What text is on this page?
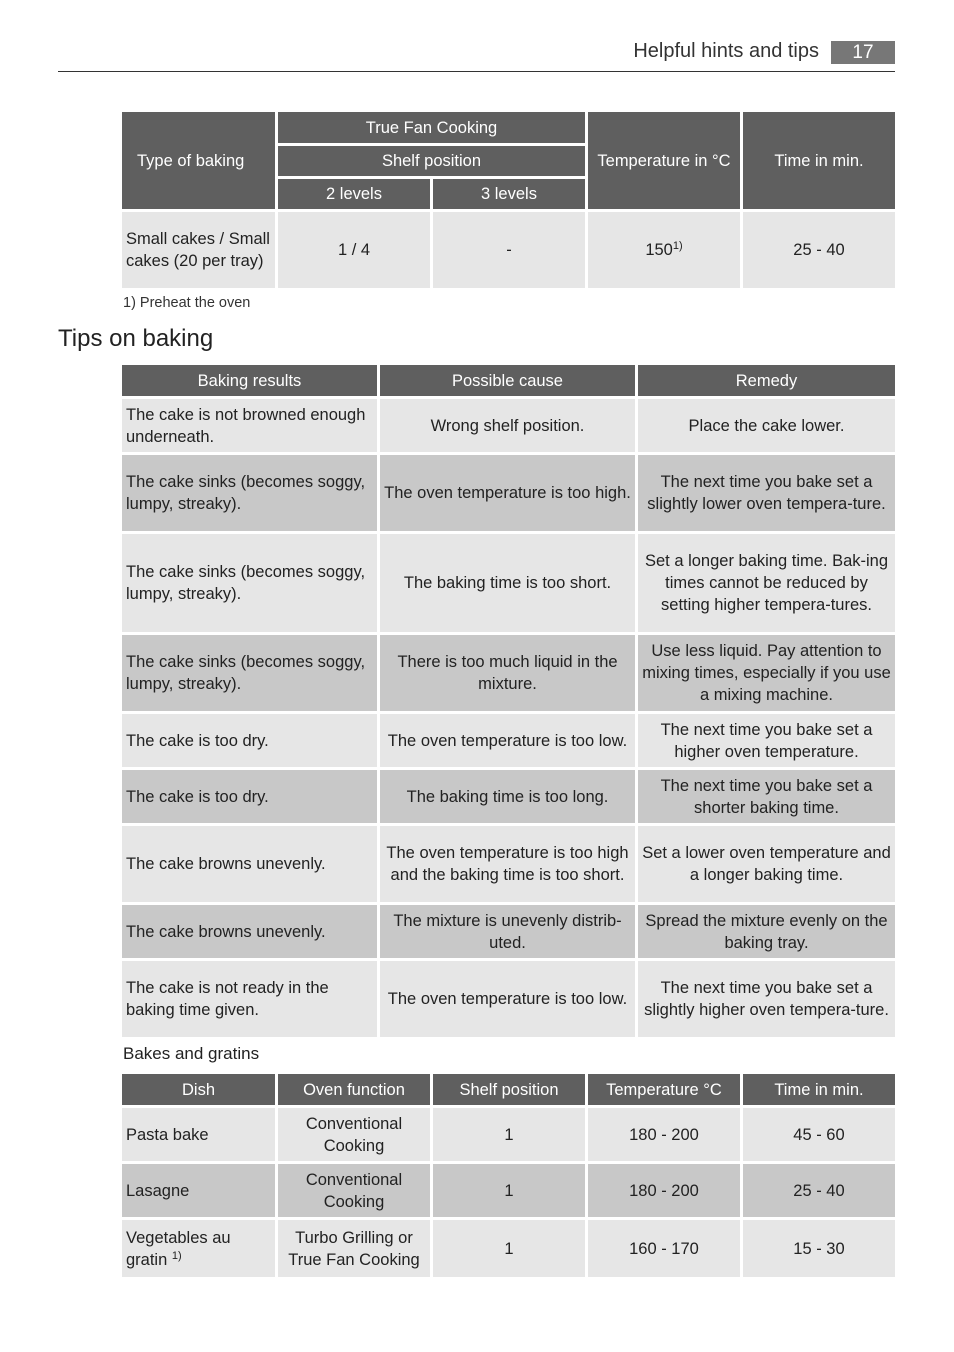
Helpful hints and tips	17
Type of baking	True Fan Cooking		Temperature in °C	Time in min.
	Shelf position			
	2 levels	3 levels		
Small cakes / Small cakes (20 per tray)	1 / 4	-	150$^{1)}$	25 - 40
1) Preheat the oven
Tips on baking
Baking results	Possible cause	Remedy
The cake is not browned enough underneath.	Wrong shelf position.	Place the cake lower.
The cake sinks (becomes soggy, lumpy, streaky).	The oven temperature is too high.	The next time you bake set a slightly lower oven tempera-ture.
The cake sinks (becomes soggy, lumpy, streaky).	The baking time is too short.	Set a longer baking time. Bak-ing times cannot be reduced by setting higher tempera-tures.
The cake sinks (becomes soggy, lumpy, streaky).	There is too much liquid in the mixture.	Use less liquid. Pay attention to mixing times, especially if you use a mixing machine.
The cake is too dry.	The oven temperature is too low.	The next time you bake set a higher oven temperature.
The cake is too dry.	The baking time is too long.	The next time you bake set a shorter baking time.
The cake browns unevenly.	The oven temperature is too high and the baking time is too short.	Set a lower oven temperature and a longer baking time.
The cake browns unevenly.	The mixture is unevenly distrib-uted.	Spread the mixture evenly on the baking tray.
The cake is not ready in the baking time given.	The oven temperature is too low.	The next time you bake set a slightly higher oven tempera-ture.
Bakes and gratins
Dish	Oven function	Shelf position	Temperature °C	Time in min.
Pasta bake	Conventional Cooking	1	180 - 200	45 - 60
Lasagne	Conventional Cooking	1	180 - 200	25 - 40
Vegetables au gratin $^{1)}$	Turbo Grilling or True Fan Cooking	1	160 - 170	15 - 30
